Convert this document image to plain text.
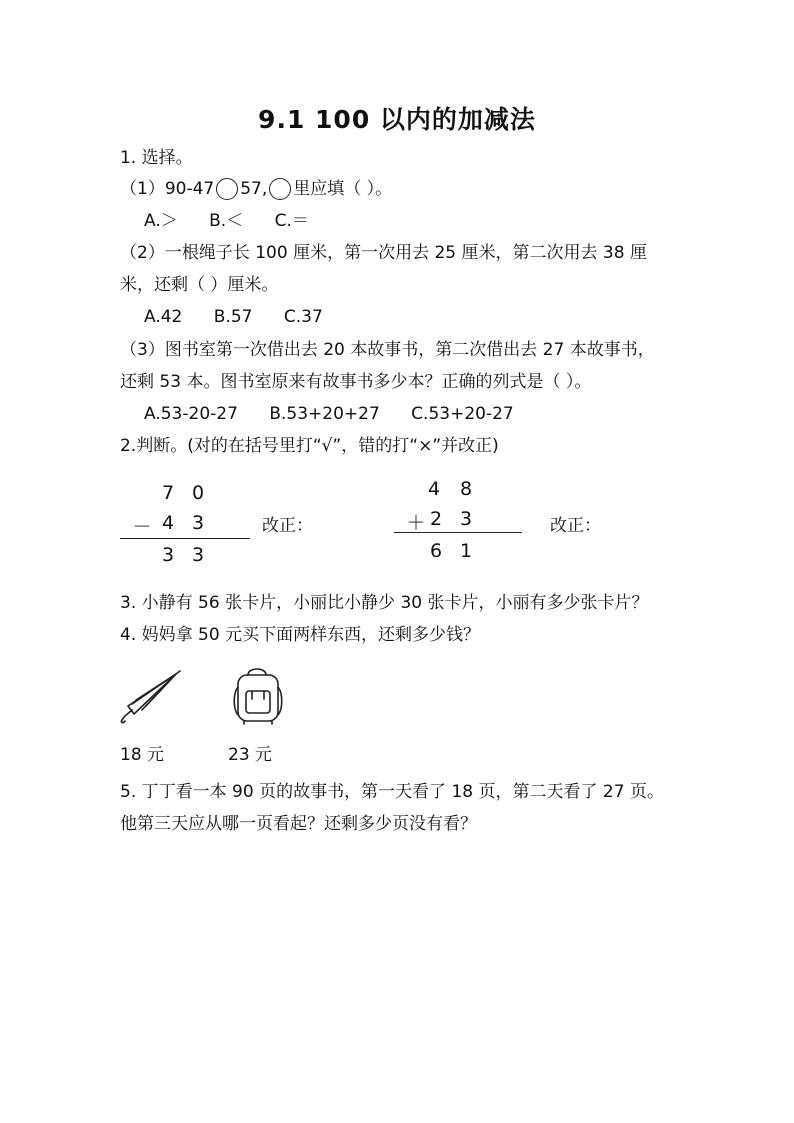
9.1 100 以内的加减法
1. 选择。
（1）90-47 57, 里应填（ ）。
A.＞ B.＜ C.＝
（2）一根绳子长 100 厘米，第一次用去 25 厘米，第二次用去 38 厘
米，还剩（ ）厘米。
A.42 B.57 C.37
（3）图书室第一次借出去 20 本故事书，第二次借出去 27 本故事书，
还剩 53 本。图书室原来有故事书多少本？正确的列式是（ ）。
A.53-20-27 B.53+20+27 C.53+20-27
2.判断。(对的在括号里打“√”，错的打“×”并改正)
7 0
－ 4 3
3 3
改正：
4 8
＋ 2 3
6 1
改正：
3. 小静有 56 张卡片，小丽比小静少 30 张卡片，小丽有多少张卡片？
4. 妈妈拿 50 元买下面两样东西，还剩多少钱？
18 元	23 元
5. 丁丁看一本 90 页的故事书，第一天看了 18 页，第二天看了 27 页。
他第三天应从哪一页看起？还剩多少页没有看？
